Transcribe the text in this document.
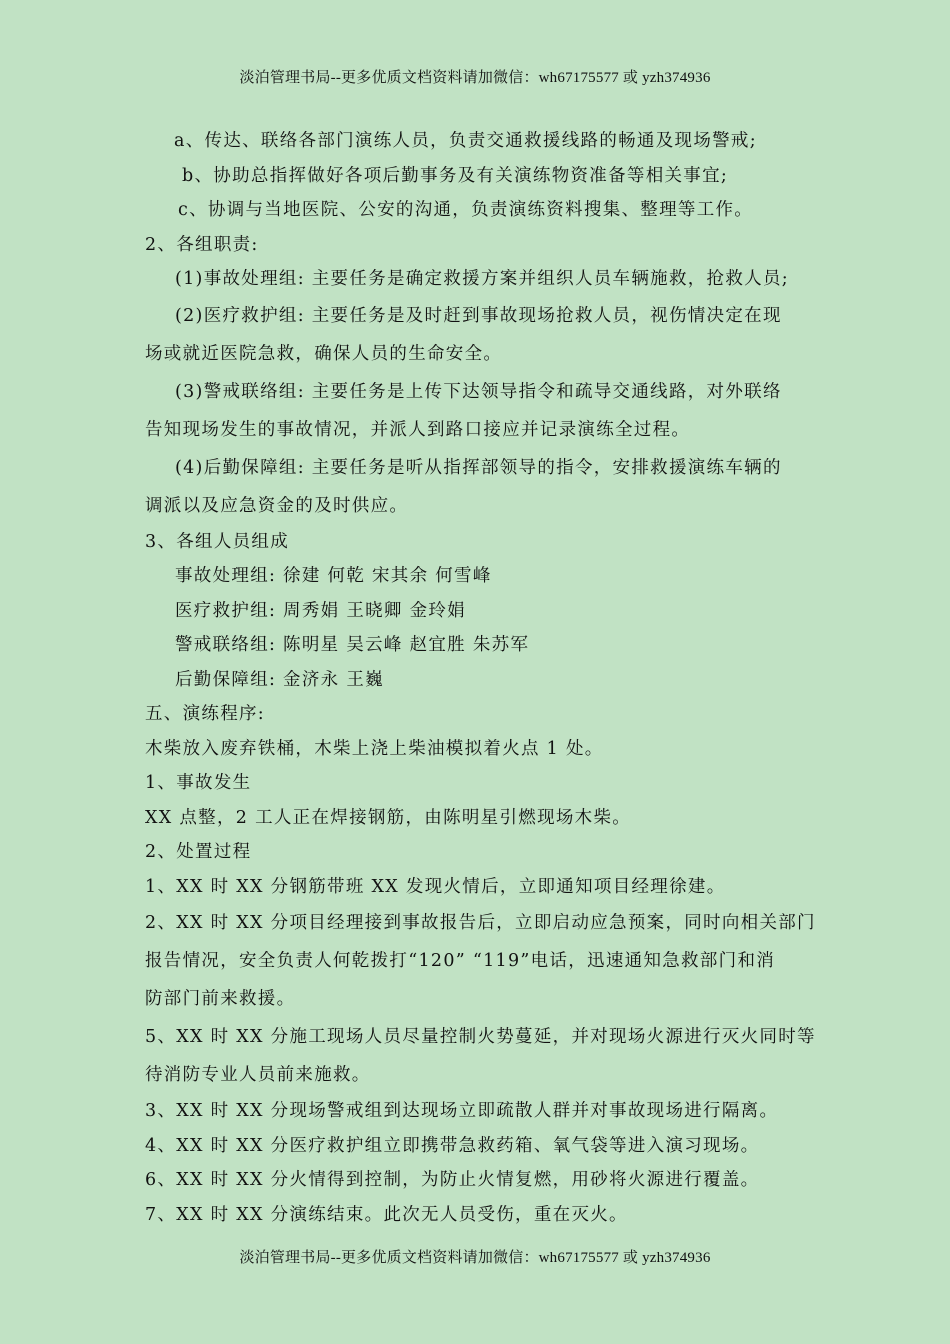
淡泊管理书局--更多优质文档资料请加微信：wh67175577 或 yzh374936
a、传达、联络各部门演练人员，负责交通救援线路的畅通及现场警戒;
b、协助总指挥做好各项后勤事务及有关演练物资准备等相关事宜;
c、协调与当地医院、公安的沟通，负责演练资料搜集、整理等工作。
2、各组职责:
(1)事故处理组: 主要任务是确定救援方案并组织人员车辆施救，抢救人员;
(2)医疗救护组: 主要任务是及时赶到事故现场抢救人员，视伤情决定在现
场或就近医院急救，确保人员的生命安全。
(3)警戒联络组: 主要任务是上传下达领导指令和疏导交通线路，对外联络
告知现场发生的事故情况，并派人到路口接应并记录演练全过程。
(4)后勤保障组: 主要任务是听从指挥部领导的指令，安排救援演练车辆的
调派以及应急资金的及时供应。
3、各组人员组成
事故处理组: 徐建 何乾 宋其余 何雪峰
医疗救护组: 周秀娟 王晓卿 金玲娟
警戒联络组: 陈明星 吴云峰 赵宜胜 朱苏军
后勤保障组: 金济永 王巍
五、演练程序:
木柴放入废弃铁桶，木柴上浇上柴油模拟着火点 1 处。
1、事故发生
XX 点整，2 工人正在焊接钢筋，由陈明星引燃现场木柴。
2、处置过程
1、XX 时 XX 分钢筋带班 XX 发现火情后，立即通知项目经理徐建。
2、XX 时 XX 分项目经理接到事故报告后，立即启动应急预案，同时向相关部门
报告情况，安全负责人何乾拨打“120” “119”电话，迅速通知急救部门和消
防部门前来救援。
5、XX 时 XX 分施工现场人员尽量控制火势蔓延，并对现场火源进行灭火同时等
待消防专业人员前来施救。
3、XX 时 XX 分现场警戒组到达现场立即疏散人群并对事故现场进行隔离。
4、XX 时 XX 分医疗救护组立即携带急救药箱、氧气袋等进入演习现场。
6、XX 时 XX 分火情得到控制，为防止火情复燃，用砂将火源进行覆盖。
7、XX 时 XX 分演练结束。此次无人员受伤，重在灭火。
淡泊管理书局--更多优质文档资料请加微信：wh67175577 或 yzh374936
